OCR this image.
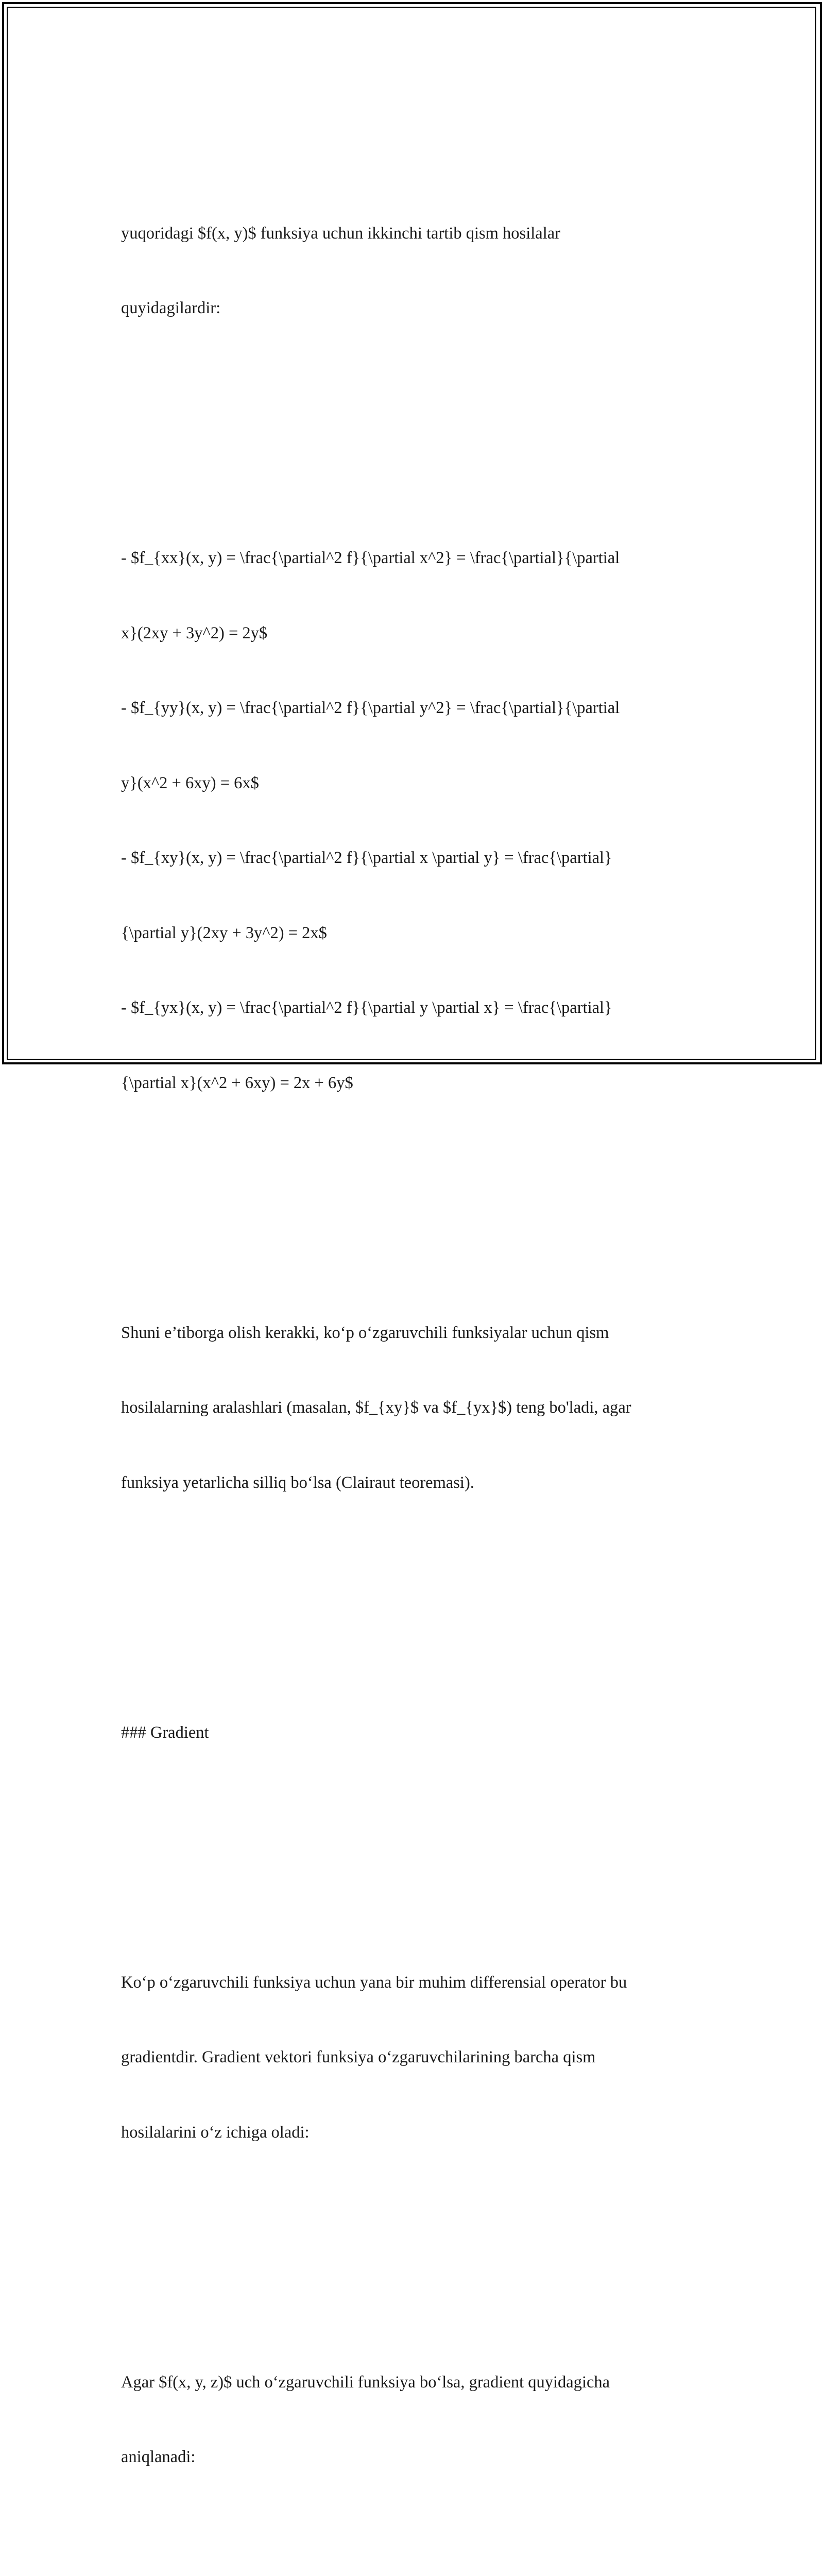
yuqoridagi $f(x, y)$ funksiya uchun ikkinchi tartib qism hosilalar

quyidagilardir:

- $f_{xx}(x, y) = \frac{\partial^2 f}{\partial x^2} = \frac{\partial}{\partial

x}(2xy + 3y^2) = 2y$

- $f_{yy}(x, y) = \frac{\partial^2 f}{\partial y^2} = \frac{\partial}{\partial

y}(x^2 + 6xy) = 6x$

- $f_{xy}(x, y) = \frac{\partial^2 f}{\partial x \partial y} = \frac{\partial}

{\partial y}(2xy + 3y^2) = 2x$

- $f_{yx}(x, y) = \frac{\partial^2 f}{\partial y \partial x} = \frac{\partial}

{\partial x}(x^2 + 6xy) = 2x + 6y$

Shuni e’tiborga olish kerakki, ko‘p o‘zgaruvchili funksiyalar uchun qism

hosilalarning aralashlari (masalan, $f_{xy}$ va $f_{yx}$) teng bo'ladi, agar

funksiya yetarlicha silliq bo‘lsa (Clairaut teoremasi).

### Gradient

Ko‘p o‘zgaruvchili funksiya uchun yana bir muhim differensial operator bu

gradientdir. Gradient vektori funksiya o‘zgaruvchilarining barcha qism

hosilalarini o‘z ichiga oladi:

Agar $f(x, y, z)$ uch o‘zgaruvchili funksiya bo‘lsa, gradient quyidagicha

aniqlanadi:
